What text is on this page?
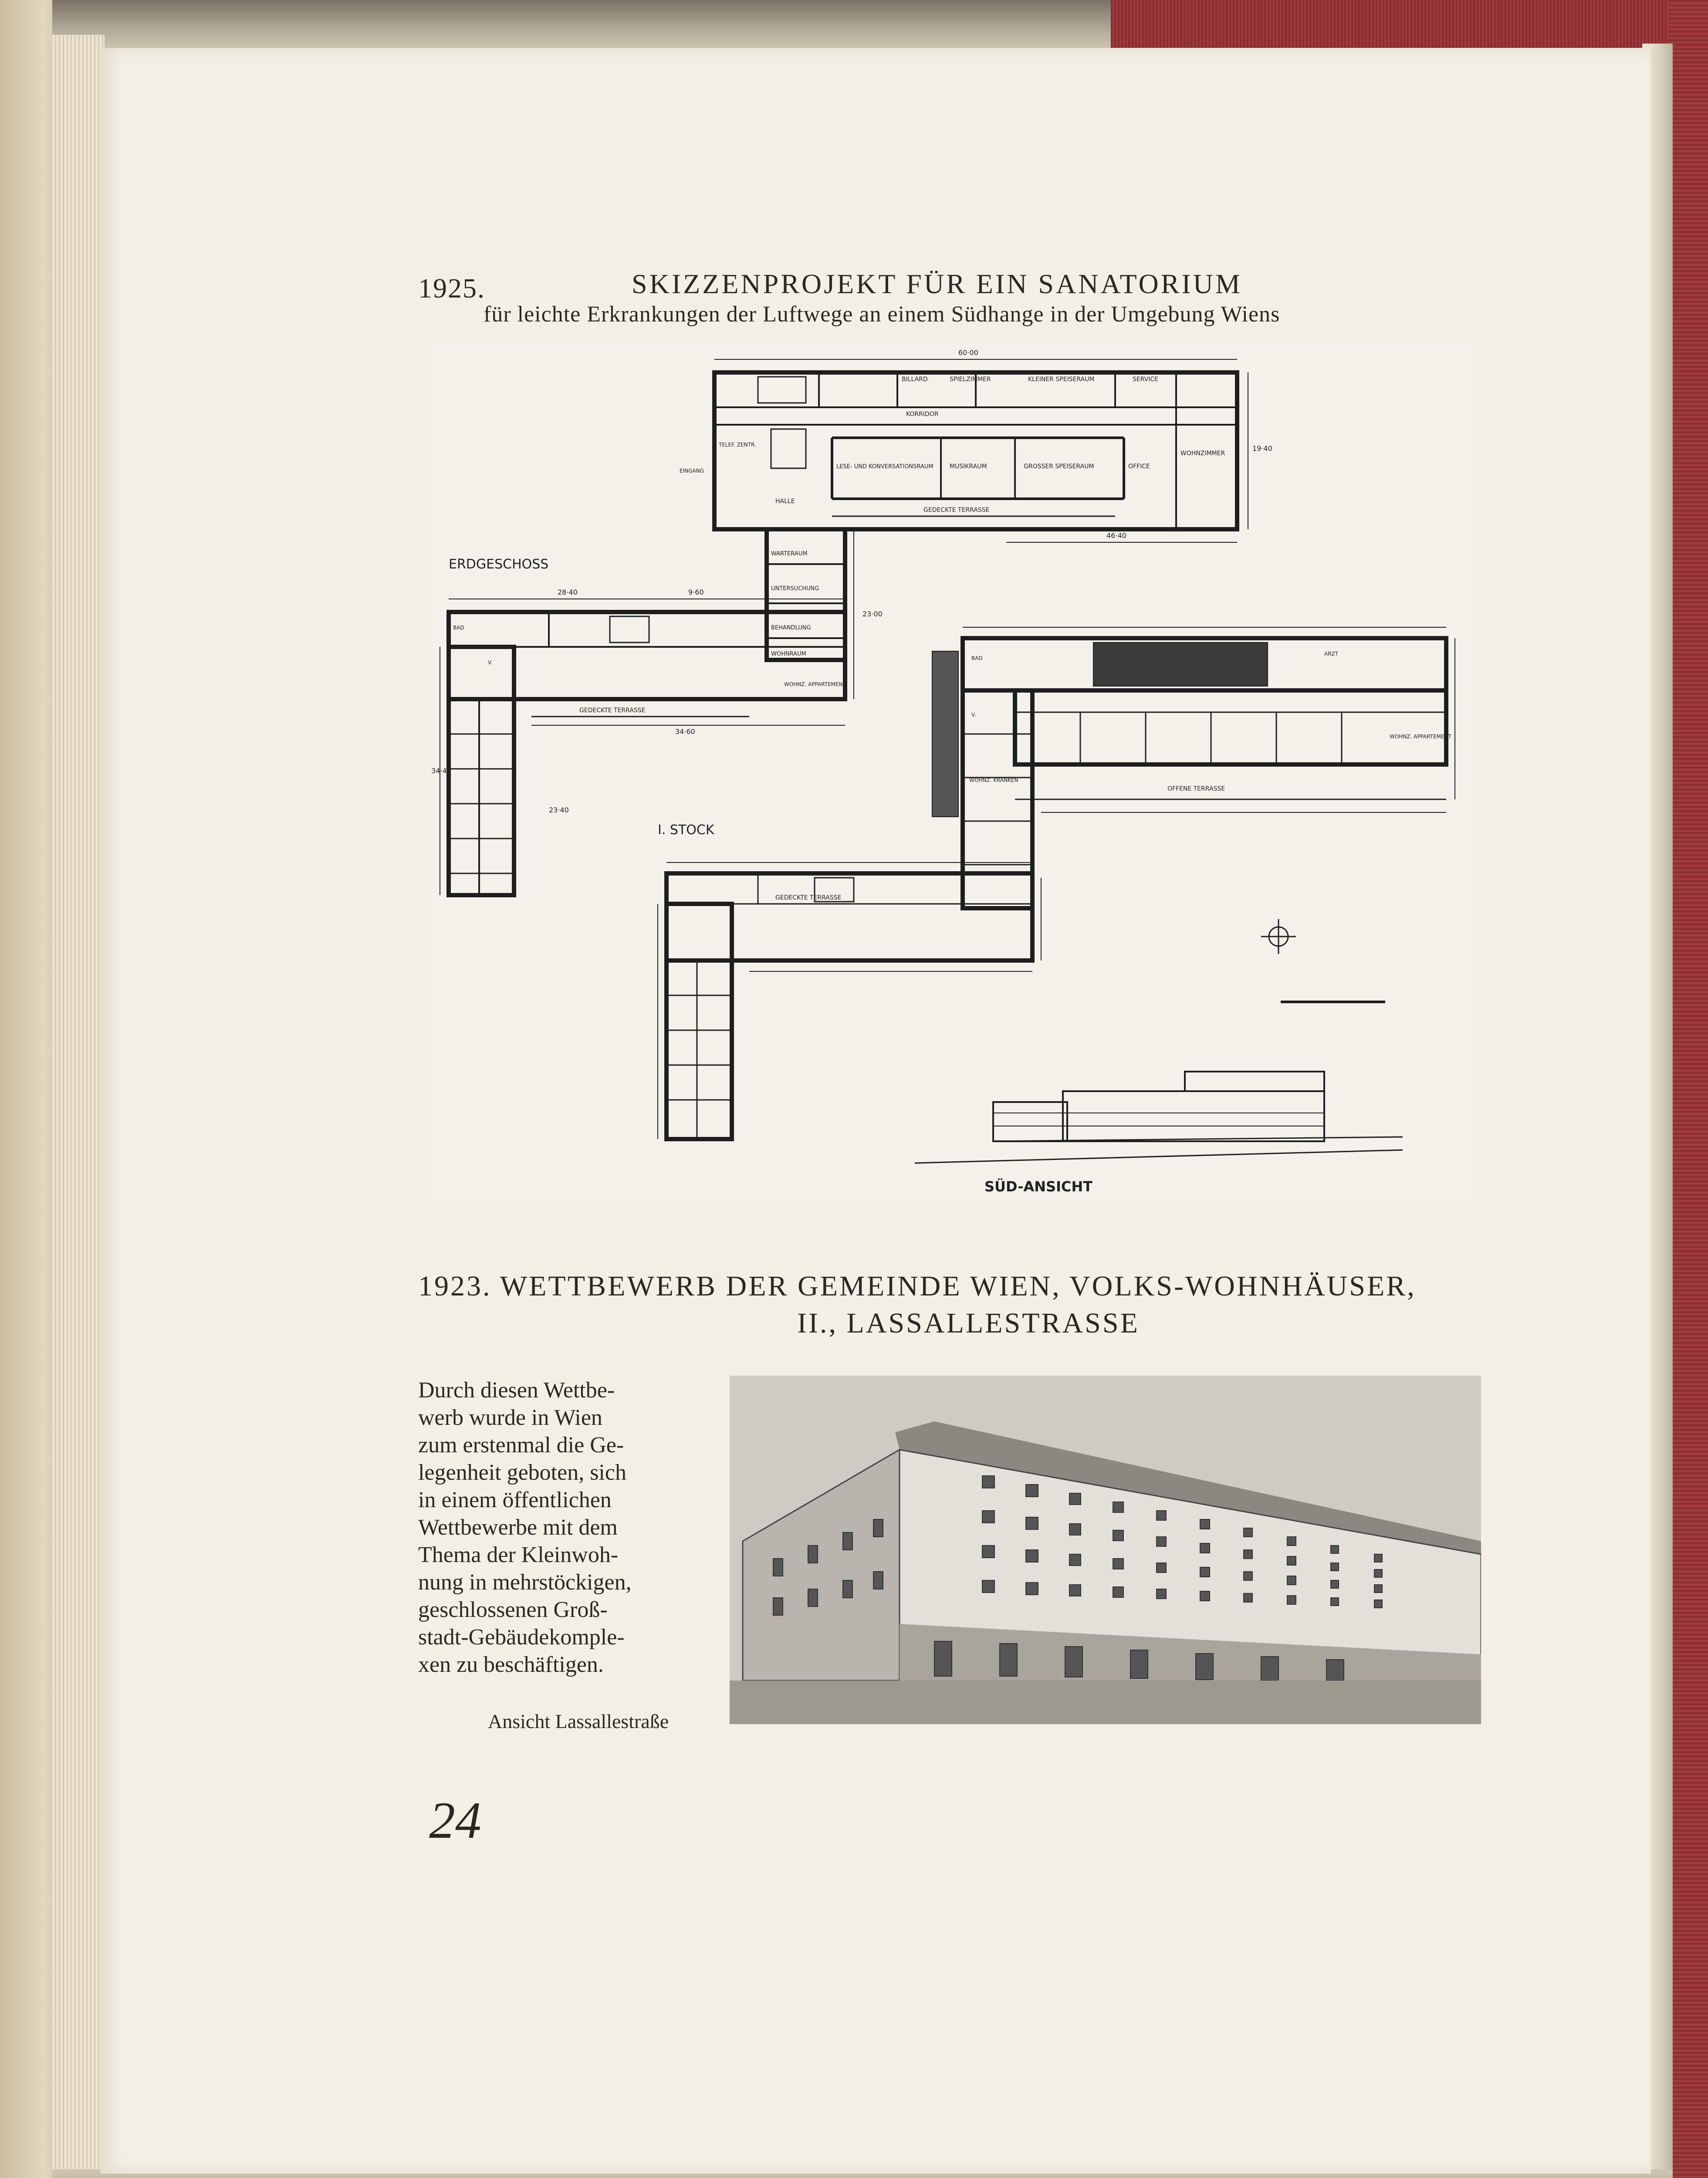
1925.	SKIZZENPROJEKT FÜR EIN SANATORIUM
für leichte Erkrankungen der Luftwege an einem Südhange in der Umgebung Wiens
ERDGESCHOSS
I. STOCK
SÜD-ANSICHT
60·00
46·40
28·40	9·60
34·60
23·00
19·40
34·40
23·40
BILLARD	SPIELZIMMER	KLEINER SPEISERAUM	SERVICE
KORRIDOR
LESE- UND KONVERSATIONSRAUM	MUSIKRAUM	GROSSER SPEISERAUM	OFFICE
WOHNZIMMER
HALLE
GEDECKTE TERRASSE
WARTERAUM
UNTERSUCHUNG
BEHANDLUNG
WOHNRAUM
WOHNZ. APPARTEMENT
TELEF. ZENTR.
EINGANG
BAD
V.
GEDECKTE TERRASSE
OFFENE TERRASSE
GEDECKTE TERRASSE
WOHNZ. APPARTEMENT
WOHNZ. KRANKEN
ARZT
BAD
V.
1923. WETTBEWERB DER GEMEINDE WIEN, VOLKS-WOHNHÄUSER,
II., LASSALLESTRASSE

Durch diesen Wettbe-

werb wurde in Wien

zum erstenmal die Ge-

legenheit geboten, sich

in einem öffentlichen

Wettbewerbe mit dem

Thema der Kleinwoh-

nung in mehrstöckigen,

geschlossenen Groß-

stadt-Gebäudekomple-

xen zu beschäftigen.

Ansicht Lassallestraße
24
